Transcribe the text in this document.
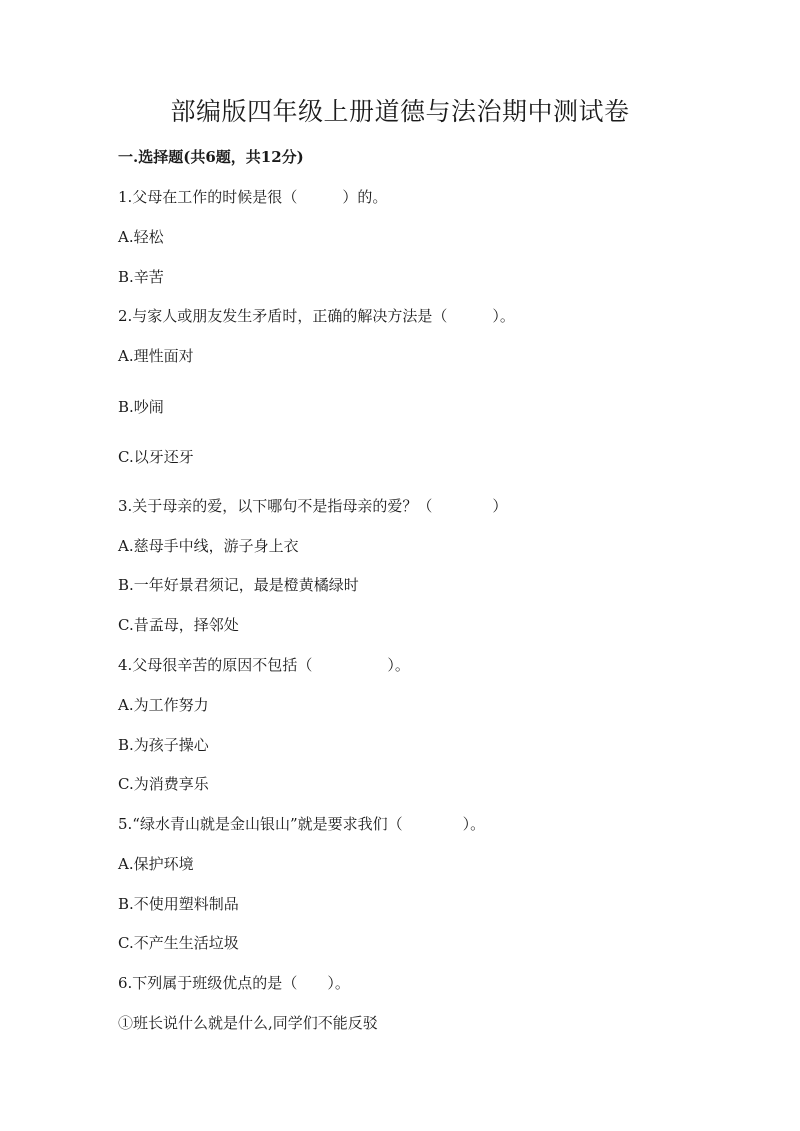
部编版四年级上册道德与法治期中测试卷
一.选择题(共6题，共12分)
1.父母在工作的时候是很（　　　）的。
A.轻松
B.辛苦
2.与家人或朋友发生矛盾时，正确的解决方法是（　　　）。
A.理性面对
B.吵闹
C.以牙还牙
3.关于母亲的爱，以下哪句不是指母亲的爱？（　　　　）
A.慈母手中线，游子身上衣
B.一年好景君须记，最是橙黄橘绿时
C.昔孟母，择邻处
4.父母很辛苦的原因不包括（　　　　　）。
A.为工作努力
B.为孩子操心
C.为消费享乐
5.“绿水青山就是金山银山”就是要求我们（　　　　）。
A.保护环境
B.不使用塑料制品
C.不产生生活垃圾
6.下列属于班级优点的是（　　）。
①班长说什么就是什么,同学们不能反驳
